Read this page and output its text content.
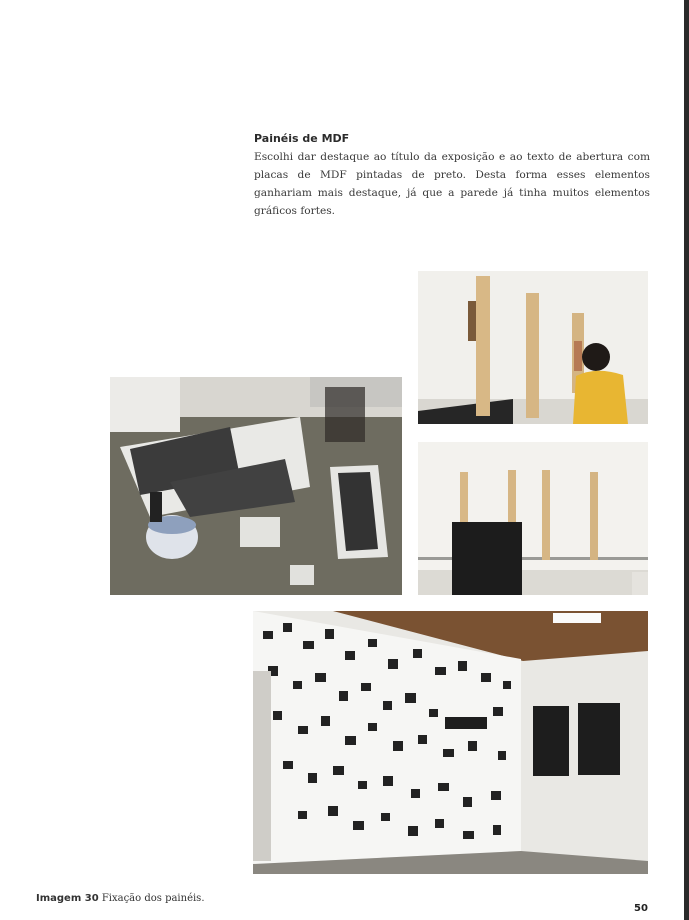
Painéis de MDF
Escolhi dar destaque ao título da exposição e ao texto de abertura com placas de MDF pintadas de preto. Desta forma esses elementos ganhariam mais destaque, já que a parede já tinha muitos elementos gráficos fortes.
Imagem 30 Fixação dos painéis.
50
